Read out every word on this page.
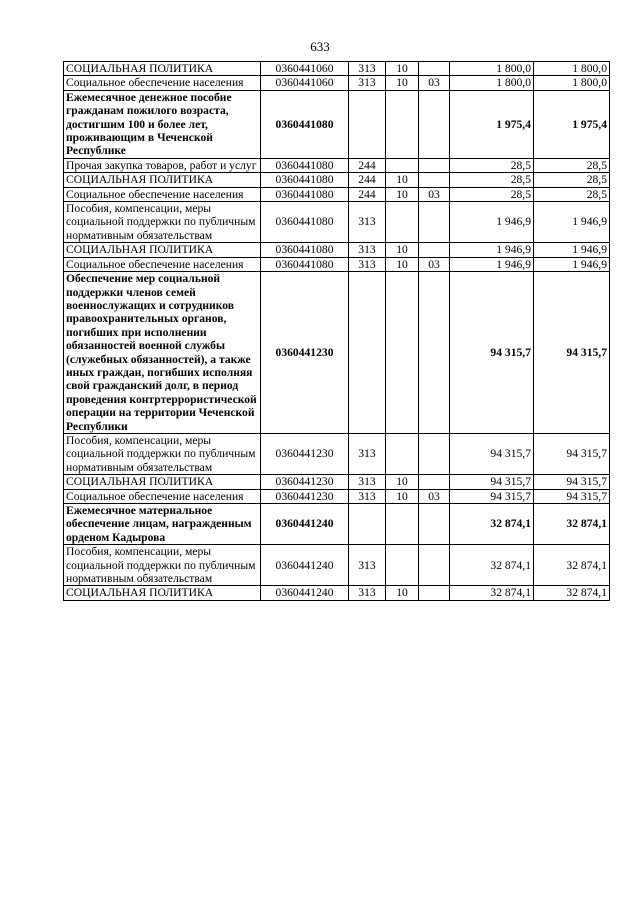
633
СОЦИАЛЬНАЯ ПОЛИТИКА	0360441060	313	10		1 800,0	1 800,0
Социальное обеспечение населения	0360441060	313	10	03	1 800,0	1 800,0
Ежемесячное денежное пособие гражданам пожилого возраста, достигшим 100 и более лет, проживающим в Чеченской Республике	0360441080				1 975,4	1 975,4
Прочая закупка товаров, работ и услуг	0360441080	244			28,5	28,5
СОЦИАЛЬНАЯ ПОЛИТИКА	0360441080	244	10		28,5	28,5
Социальное обеспечение населения	0360441080	244	10	03	28,5	28,5
Пособия, компенсации, меры социальной поддержки по публичным нормативным обязательствам	0360441080	313			1 946,9	1 946,9
СОЦИАЛЬНАЯ ПОЛИТИКА	0360441080	313	10		1 946,9	1 946,9
Социальное обеспечение населения	0360441080	313	10	03	1 946,9	1 946,9
Обеспечение мер социальной поддержки членов семей военнослужащих и сотрудников правоохранительных органов, погибших при исполнении обязанностей военной службы (служебных обязанностей), а также иных граждан, погибших исполняя свой гражданский долг, в период проведения контртеррористической операции на территории Чеченской Республики	0360441230				94 315,7	94 315,7
Пособия, компенсации, меры социальной поддержки по публичным нормативным обязательствам	0360441230	313			94 315,7	94 315,7
СОЦИАЛЬНАЯ ПОЛИТИКА	0360441230	313	10		94 315,7	94 315,7
Социальное обеспечение населения	0360441230	313	10	03	94 315,7	94 315,7
Ежемесячное материальное обеспечение лицам, награжденным орденом Кадырова	0360441240				32 874,1	32 874,1
Пособия, компенсации, меры социальной поддержки по публичным нормативным обязательствам	0360441240	313			32 874,1	32 874,1
СОЦИАЛЬНАЯ ПОЛИТИКА	0360441240	313	10		32 874,1	32 874,1
